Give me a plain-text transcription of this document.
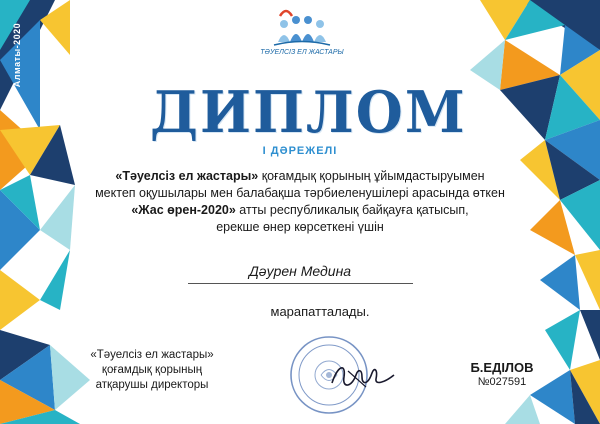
Алматы-2020	ТӘУЕЛСІЗ ЕЛ ЖАСТАРЫ
ДИПЛОМ
І ДӘРЕЖЕЛІ
«Тәуелсіз ел жастары» қоғамдық қорының ұйымдастыруымен
мектеп оқушылары мен балабақша тәрбиеленушілері арасында өткен
«Жас өрен-2020» атты республикалық байқауға қатысып,
ерекше өнер көрсеткені үшін
Дәурен Медина
марапатталады.
«Тәуелсіз ел жастары»
қоғамдық қорының
атқарушы директоры
Б.ЕДІЛОВ
№027591
